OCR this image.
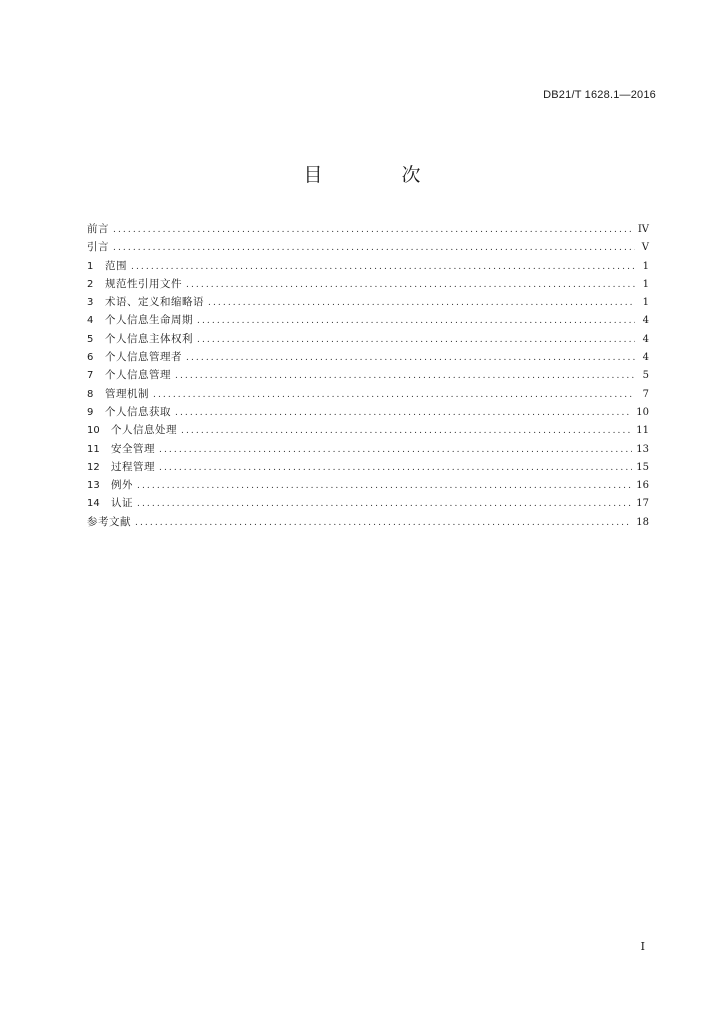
DB21/T 1628.1—2016
目　次
前言 .....	IV
引言 .....	V
1	范围 .....	1
2	规范性引用文件 .....	1
3	术语、定义和缩略语 .....	1
4	个人信息生命周期 .....	4
5	个人信息主体权利 .....	4
6	个人信息管理者 .....	4
7	个人信息管理 .....	5
8	管理机制 .....	7
9	个人信息获取 .....	10
10	个人信息处理 .....	11
11	安全管理 .....	13
12	过程管理 .....	15
13	例外 .....	16
14	认证 .....	17
参考文献 .....	18
I
